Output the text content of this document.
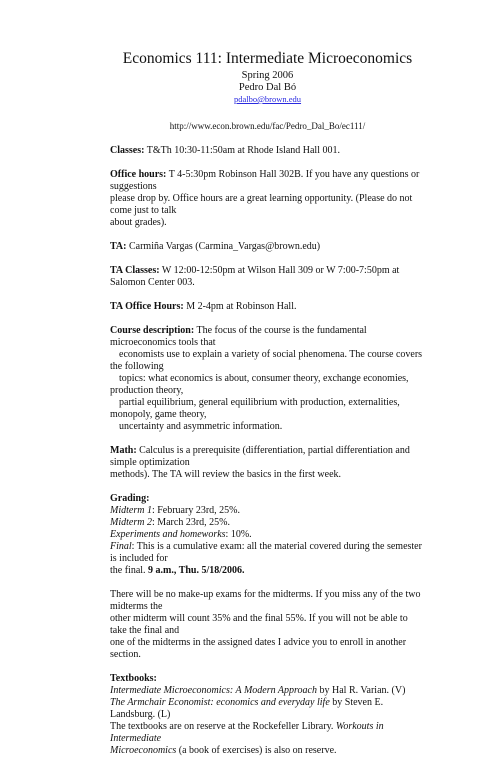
Economics 111: Intermediate Microeconomics
Spring 2006
Pedro Dal Bó
pdalbo@brown.edu
http://www.econ.brown.edu/fac/Pedro_Dal_Bo/ec111/

Classes: T&Th 10:30-11:50am at Rhode Island Hall 001.

Office hours: T 4-5:30pm Robinson Hall 302B. If you have any questions or suggestions
please drop by. Office hours are a great learning opportunity. (Please do not come just to talk
about grades).

TA: Carmiña Vargas (Carmina_Vargas@brown.edu)

TA Classes: W 12:00-12:50pm at Wilson Hall 309 or W 7:00-7:50pm at Salomon Center 003.

TA Office Hours: M 2-4pm at Robinson Hall.

Course description: The focus of the course is the fundamental microeconomics tools that
economists use to explain a variety of social phenomena. The course covers the following
topics: what economics is about, consumer theory, exchange economies, production theory,
partial equilibrium, general equilibrium with production, externalities, monopoly, game theory,
uncertainty and asymmetric information.

Math: Calculus is a prerequisite (differentiation, partial differentiation and simple optimization
methods). The TA will review the basics in the first week.

Grading:
Midterm 1: February 23rd, 25%.
Midterm 2: March 23rd, 25%.
Experiments and homeworks: 10%.
Final: This is a cumulative exam: all the material covered during the semester is included for
the final. 9 a.m., Thu. 5/18/2006.

There will be no make-up exams for the midterms. If you miss any of the two midterms the
other midterm will count 35% and the final 55%. If you will not be able to take the final and
one of the midterms in the assigned dates I advice you to enroll in another section.

Textbooks:
Intermediate Microeconomics: A Modern Approach by Hal R. Varian. (V)
The Armchair Economist: economics and everyday life by Steven E. Landsburg. (L)
The textbooks are on reserve at the Rockefeller Library. Workouts in Intermediate
Microeconomics (a book of exercises) is also on reserve.
